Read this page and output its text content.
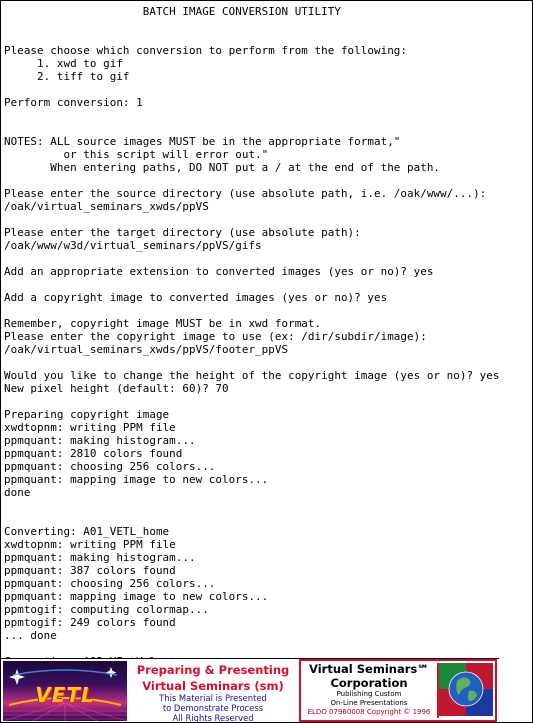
BATCH IMAGE CONVERSION UTILITY
Please choose which conversion to perform from the following:
1. xwd to gif
2. tiff to gif
Perform conversion: 1
NOTES: ALL source images MUST be in the appropriate format,"
or this script will error out."
When entering paths, DO NOT put a / at the end of the path.
Please enter the source directory (use absolute path, i.e. /oak/www/...):
/oak/virtual_seminars_xwds/ppVS
Please enter the target directory (use absolute path):
/oak/www/w3d/virtual_seminars/ppVS/gifs
Add an appropriate extension to converted images (yes or no)? yes
Add a copyright image to converted images (yes or no)? yes
Remember, copyright image MUST be in xwd format.
Please enter the copyright image to use (ex: /dir/subdir/image):
/oak/virtual_seminars_xwds/ppVS/footer_ppVS
Would you like to change the height of the copyright image (yes or no)? yes
New pixel height (default: 60)? 70
Preparing copyright image
xwdtopnm: writing PPM file
ppmquant: making histogram...
ppmquant: 2810 colors found
ppmquant: choosing 256 colors...
ppmquant: mapping image to new colors...
done
Converting: A01_VETL_home
xwdtopnm: writing PPM file
ppmquant: making histogram...
ppmquant: 387 colors found
ppmquant: choosing 256 colors...
ppmquant: mapping image to new colors...
ppmtogif: computing colormap...
ppmtogif: 249 colors found
... done
VETL
Preparing & Presenting
Virtual Seminars (sm)
This Material is Presented
to Demonstrate Process
All Rights Reserved
Virtual Seminars℠
Corporation
Publishing Custom
On-Line Presentations
ELDO 07960008 Copyright © 1996
